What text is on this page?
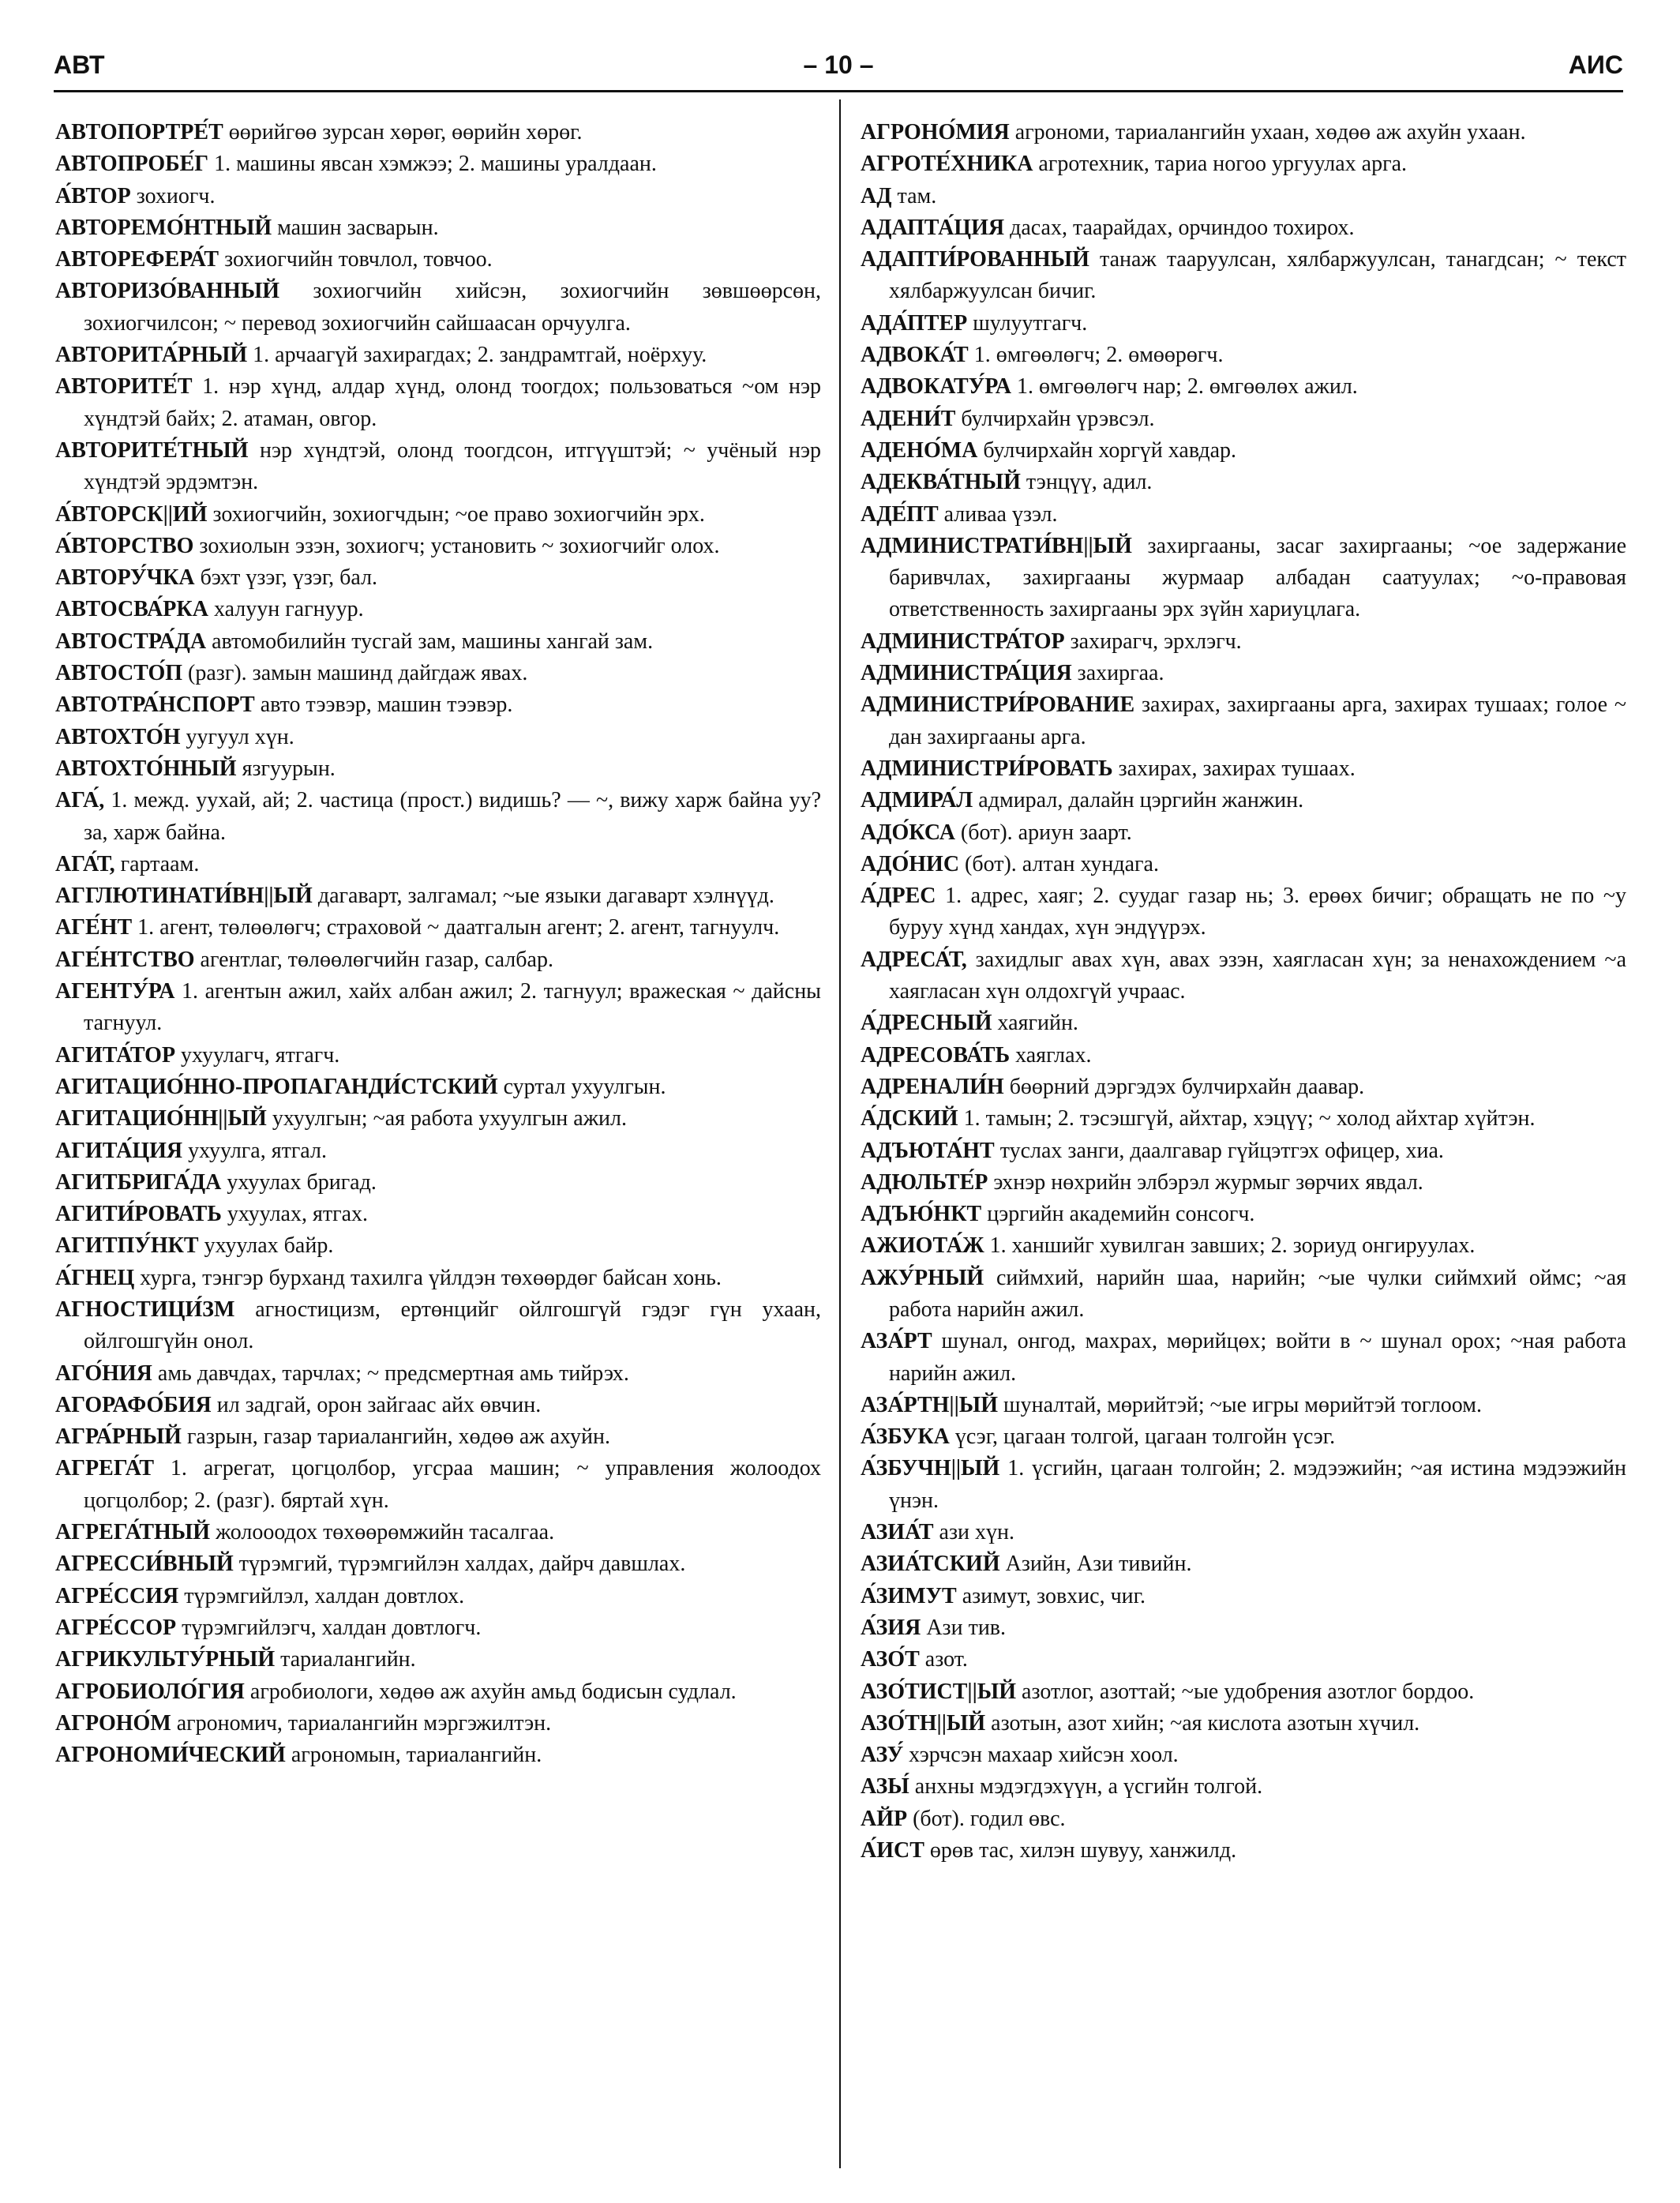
АВТ	– 10 –	АИС

АВТОПОРТРЕ́Т өөрийгөө зурсан хөрөг, өөрийн хөрөг.

АВТОПРОБЕ́Г 1. машины явсан хэмжээ; 2. машины уралдаан.

А́ВТОР зохиогч.

АВТОРЕМО́НТНЫЙ машин засварын.

АВТОРЕФЕРА́Т зохиогчийн товчлол, товчоо.

АВТОРИЗО́ВАННЫЙ зохиогчийн хийсэн, зохиогчийн зөвшөөрсөн, зохиогчилсон; ~ перевод зохиогчийн сайшаасан орчуулга.

АВТОРИТА́РНЫЙ 1. арчаагүй захирагдах; 2. зандрамтгай, ноёрхуу.

АВТОРИТЕ́Т 1. нэр хүнд, алдар хүнд, олонд тоогдох; пользоваться ~ом нэр хүндтэй байх; 2. атаман, овгор.

АВТОРИТЕ́ТНЫЙ нэр хүндтэй, олонд тоогдсон, итгүүштэй; ~ учёный нэр хүндтэй эрдэмтэн.

А́ВТОРСК||ИЙ зохиогчийн, зохиогчдын; ~ое право зохиогчийн эрх.

А́ВТОРСТВО зохиолын эзэн, зохиогч; установить ~ зохиогчийг олох.

АВТОРУ́ЧКА бэхт үзэг, үзэг, бал.

АВТОСВА́РКА халуун гагнуур.

АВТОСТРА́ДА автомобилийн тусгай зам, машины хангай зам.

АВТОСТО́П (разг). замын машинд дайгдаж явах.

АВТОТРА́НСПОРТ авто тээвэр, машин тээвэр.

АВТОХТО́Н уугуул хүн.

АВТОХТО́ННЫЙ язгуурын.

АГА́, 1. межд. уухай, ай; 2. частица (прост.) видишь? — ~, вижу харж байна уу? за, харж байна.

АГА́Т, гартаам.

АГГЛЮТИНАТИ́ВН||ЫЙ дагаварт, залгамал; ~ые языки дагаварт хэлнүүд.

АГЕ́НТ 1. агент, төлөөлөгч; страховой ~ даатгалын агент; 2. агент, тагнуулч.

АГЕ́НТСТВО агентлаг, төлөөлөгчийн газар, салбар.

АГЕНТУ́РА 1. агентын ажил, хайх албан ажил; 2. тагнуул; вражеская ~ дайсны тагнуул.

АГИТА́ТОР ухуулагч, ятгагч.

АГИТАЦИО́ННО-ПРОПАГАНДИ́СТСКИЙ суртал ухуулгын.

АГИТАЦИО́НН||ЫЙ ухуулгын; ~ая работа ухуулгын ажил.

АГИТА́ЦИЯ ухуулга, ятгал.

АГИТБРИГА́ДА ухуулах бригад.

АГИТИ́РОВАТЬ ухуулах, ятгах.

АГИТПУ́НКТ ухуулах байр.

А́ГНЕЦ хурга, тэнгэр бурханд тахилга үйлдэн төхөөрдөг байсан хонь.

АГНОСТИЦИ́ЗМ агностицизм, ертөнцийг ойлгошгүй гэдэг гүн ухаан, ойлгошгүйн онол.

АГО́НИЯ амь давчдах, тарчлах; ~ предсмертная амь тийрэх.

АГОРАФО́БИЯ ил задгай, орон зайгаас айх өвчин.

АГРА́РНЫЙ газрын, газар тариалангийн, хөдөө аж ахуйн.

АГРЕГА́Т 1. агрегат, цогцолбор, угсраа машин; ~ управления жолоодох цогцолбор; 2. (разг). бяртай хүн.

АГРЕГА́ТНЫЙ жолооодох төхөөрөмжийн тасалгаа.

АГРЕССИ́ВНЫЙ түрэмгий, түрэмгийлэн халдах, дайрч давшлах.

АГРЕ́ССИЯ түрэмгийлэл, халдан довтлох.

АГРЕ́ССОР түрэмгийлэгч, халдан довтлогч.

АГРИКУЛЬТУ́РНЫЙ тариалангийн.

АГРОБИОЛО́ГИЯ агробиологи, хөдөө аж ахуйн амьд бодисын судлал.

АГРОНО́М агрономич, тариалангийн мэргэжилтэн.

АГРОНОМИ́ЧЕСКИЙ агрономын, тариалангийн.

АГРОНО́МИЯ агрономи, тариалангийн ухаан, хөдөө аж ахуйн ухаан.

АГРОТЕ́ХНИКА агротехник, тариа ногоо ургуулах арга.

АД там.

АДАПТА́ЦИЯ дасах, таарайдах, орчиндоо тохирох.

АДАПТИ́РОВАННЫЙ танаж тааруулсан, хялбаржуулсан, танагдсан; ~ текст хялбаржуулсан бичиг.

АДА́ПТЕР шулуутгагч.

АДВОКА́Т 1. өмгөөлөгч; 2. өмөөрөгч.

АДВОКАТУ́РА 1. өмгөөлөгч нар; 2. өмгөөлөх ажил.

АДЕНИ́Т булчирхайн үрэвсэл.

АДЕНО́МА булчирхайн хоргүй хавдар.

АДЕКВА́ТНЫЙ тэнцүү, адил.

АДЕ́ПТ аливаа үзэл.

АДМИНИСТРАТИ́ВН||ЫЙ захиргааны, засаг захиргааны; ~ое задержание баривчлах, захиргааны журмаар албадан саатуулах; ~о-правовая ответственность захиргааны эрх зүйн хариуцлага.

АДМИНИСТРА́ТОР захирагч, эрхлэгч.

АДМИНИСТРА́ЦИЯ захиргаа.

АДМИНИСТРИ́РОВАНИЕ захирах, захиргааны арга, захирах тушаах; голое ~ дан захиргааны арга.

АДМИНИСТРИ́РОВАТЬ захирах, захирах тушаах.

АДМИРА́Л адмирал, далайн цэргийн жанжин.

АДО́КСА (бот). ариун заарт.

АДО́НИС (бот). алтан хундага.

А́ДРЕС 1. адрес, хаяг; 2. суудаг газар нь; 3. ерөөх бичиг; обращать не по ~у буруу хүнд хандах, хүн эндүүрэх.

АДРЕСА́Т, захидлыг авах хүн, авах эзэн, хаягласан хүн; за ненахождением ~а хаягласан хүн олдохгүй учраас.

А́ДРЕСНЫЙ хаягийн.

АДРЕСОВА́ТЬ хаяглах.

АДРЕНАЛИ́Н бөөрний дэргэдэх булчирхайн даавар.

А́ДСКИЙ 1. тамын; 2. тэсэшгүй, айхтар, хэцүү; ~ холод айхтар хүйтэн.

АДЪЮТА́НТ туслах занги, даалгавар гүйцэтгэх офицер, хиа.

АДЮЛЬТЕ́Р эхнэр нөхрийн элбэрэл журмыг зөрчих явдал.

АДЪЮ́НКТ цэргийн академийн сонсогч.

АЖИОТА́Ж 1. ханшийг хувилган завших; 2. зориуд онгируулах.

АЖУ́РНЫЙ сиймхий, нарийн шаа, нарийн; ~ые чулки сиймхий оймс; ~ая работа нарийн ажил.

АЗА́РТ шунал, онгод, махрах, мөрийцөх; войти в ~ шунал орох; ~ная работа нарийн ажил.

АЗА́РТН||ЫЙ шуналтай, мөрийтэй; ~ые игры мөрийтэй тоглоом.

А́ЗБУКА үсэг, цагаан толгой, цагаан толгойн үсэг.

А́ЗБУЧН||ЫЙ 1. үсгийн, цагаан толгойн; 2. мэдээжийн; ~ая истина мэдээжийн үнэн.

АЗИА́Т ази хүн.

АЗИА́ТСКИЙ Азийн, Ази тивийн.

А́ЗИМУТ азимут, зовхис, чиг.

А́ЗИЯ Ази тив.

АЗО́Т азот.

АЗО́ТИСТ||ЫЙ азотлог, азоттай; ~ые удобрения азотлог бордоо.

АЗО́ТН||ЫЙ азотын, азот хийн; ~ая кислота азотын хүчил.

АЗУ́ хэрчсэн махаар хийсэн хоол.

АЗЫ́ анхны мэдэгдэхүүн, а үсгийн толгой.

АЙР (бот). годил өвс.

А́ИСТ өрөв тас, хилэн шувуу, ханжилд.
